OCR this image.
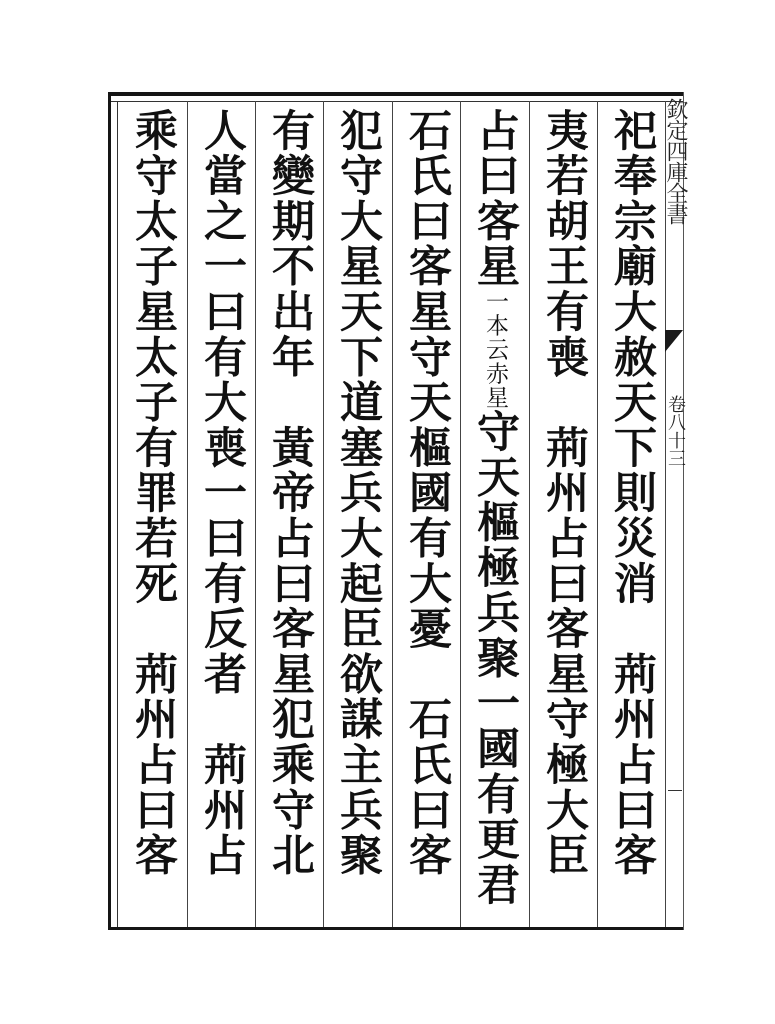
欽定四庫全書
卷八十三
祀奉宗廟大赦天下則災消　荊州占曰客
夷若胡王有喪　荊州占曰客星守極大臣　
占曰客星一本云赤星守天樞極兵聚一國有更君
石氏曰客星守天樞國有大憂　石氏曰客
犯守大星天下道塞兵大起臣欲謀主兵聚
有變期不出年　黃帝占曰客星犯乘守北
人當之一曰有大喪一曰有反者　荊州占
乘守太子星太子有罪若死　荊州占曰客
